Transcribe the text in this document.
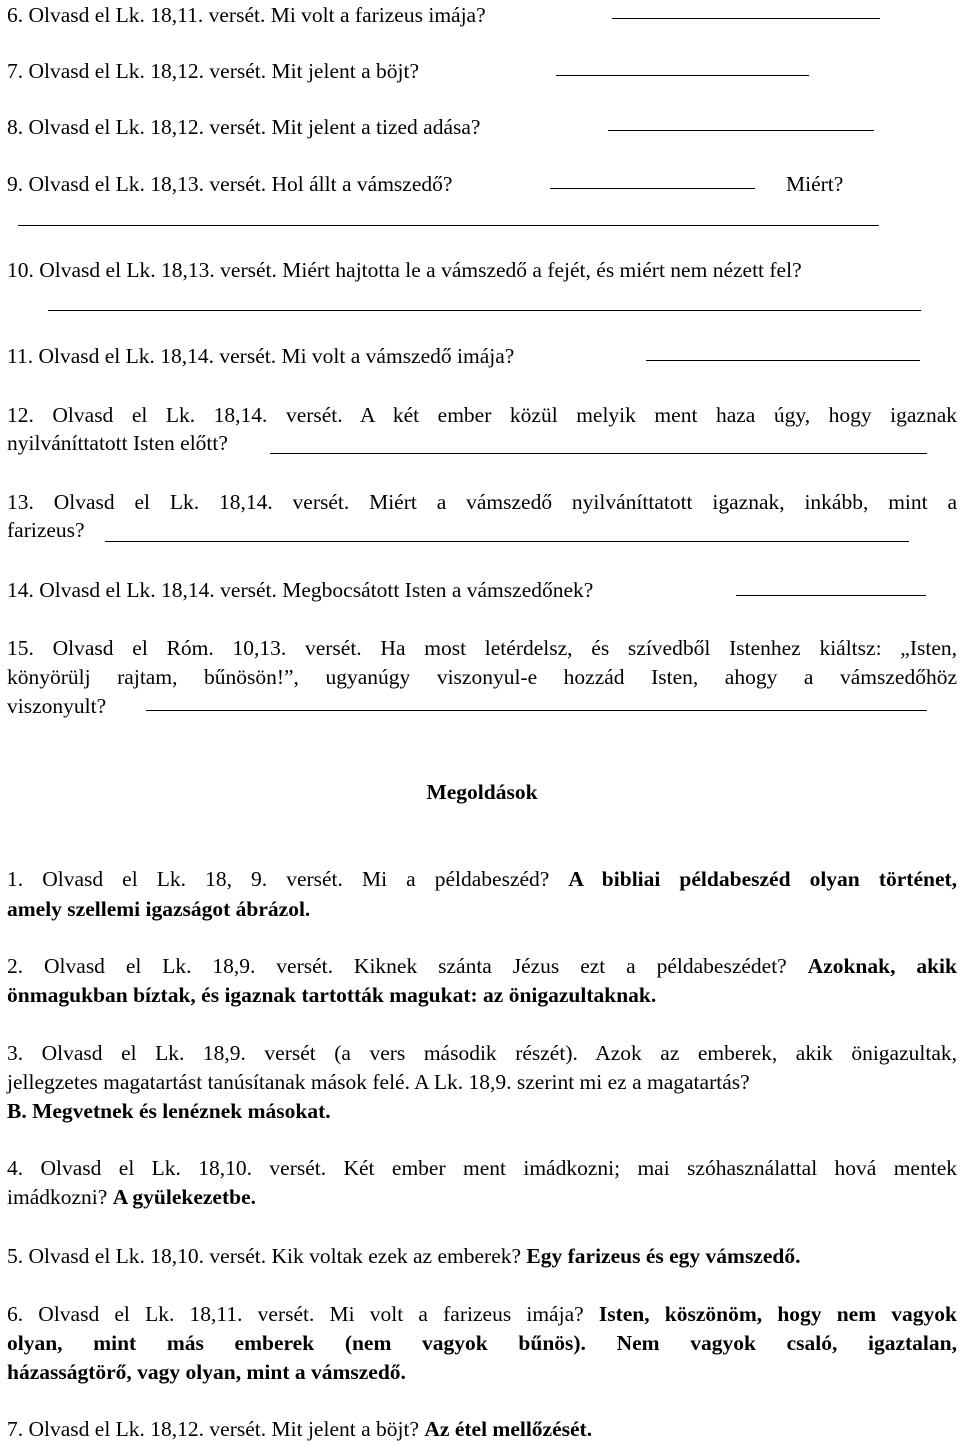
6. Olvasd el Lk. 18,11. versét. Mi volt a farizeus imája?
7. Olvasd el Lk. 18,12. versét. Mit jelent a böjt?
8. Olvasd el Lk. 18,12. versét. Mit jelent a tized adása?
9. Olvasd el Lk. 18,13. versét. Hol állt a vámszedő?	Miért?
10. Olvasd el Lk. 18,13. versét. Miért hajtotta le a vámszedő a fejét, és miért nem nézett fel?
11. Olvasd el Lk. 18,14. versét. Mi volt a vámszedő imája?
12. Olvasd el Lk. 18,14. versét. A két ember közül melyik ment haza úgy, hogy igaznak
nyilváníttatott Isten előtt?
13. Olvasd el Lk. 18,14. versét. Miért a vámszedő nyilváníttatott igaznak, inkább, mint a
farizeus?
14. Olvasd el Lk. 18,14. versét. Megbocsátott Isten a vámszedőnek?
15. Olvasd el Róm. 10,13. versét. Ha most letérdelsz, és szívedből Istenhez kiáltsz: „Isten,
könyörülj rajtam, bűnösön!”, ugyanúgy viszonyul-e hozzád Isten, ahogy a vámszedőhöz
viszonyult?
Megoldások
1. Olvasd el Lk. 18, 9. versét. Mi a példabeszéd? A bibliai példabeszéd olyan történet,
amely szellemi igazságot ábrázol.
2. Olvasd el Lk. 18,9. versét. Kiknek szánta Jézus ezt a példabeszédet? Azoknak, akik
önmagukban bíztak, és igaznak tartották magukat: az önigazultaknak.
3. Olvasd el Lk. 18,9. versét (a vers második részét). Azok az emberek, akik önigazultak,
jellegzetes magatartást tanúsítanak mások felé. A Lk. 18,9. szerint mi ez a magatartás?
B. Megvetnek és lenéznek másokat.
4. Olvasd el Lk. 18,10. versét. Két ember ment imádkozni; mai szóhasználattal hová mentek
imádkozni? A gyülekezetbe.
5. Olvasd el Lk. 18,10. versét. Kik voltak ezek az emberek? Egy farizeus és egy vámszedő.
6. Olvasd el Lk. 18,11. versét. Mi volt a farizeus imája? Isten, köszönöm, hogy nem vagyok
olyan, mint más emberek (nem vagyok bűnös). Nem vagyok csaló, igaztalan,
házasságtörő, vagy olyan, mint a vámszedő.
7. Olvasd el Lk. 18,12. versét. Mit jelent a böjt? Az étel mellőzését.
